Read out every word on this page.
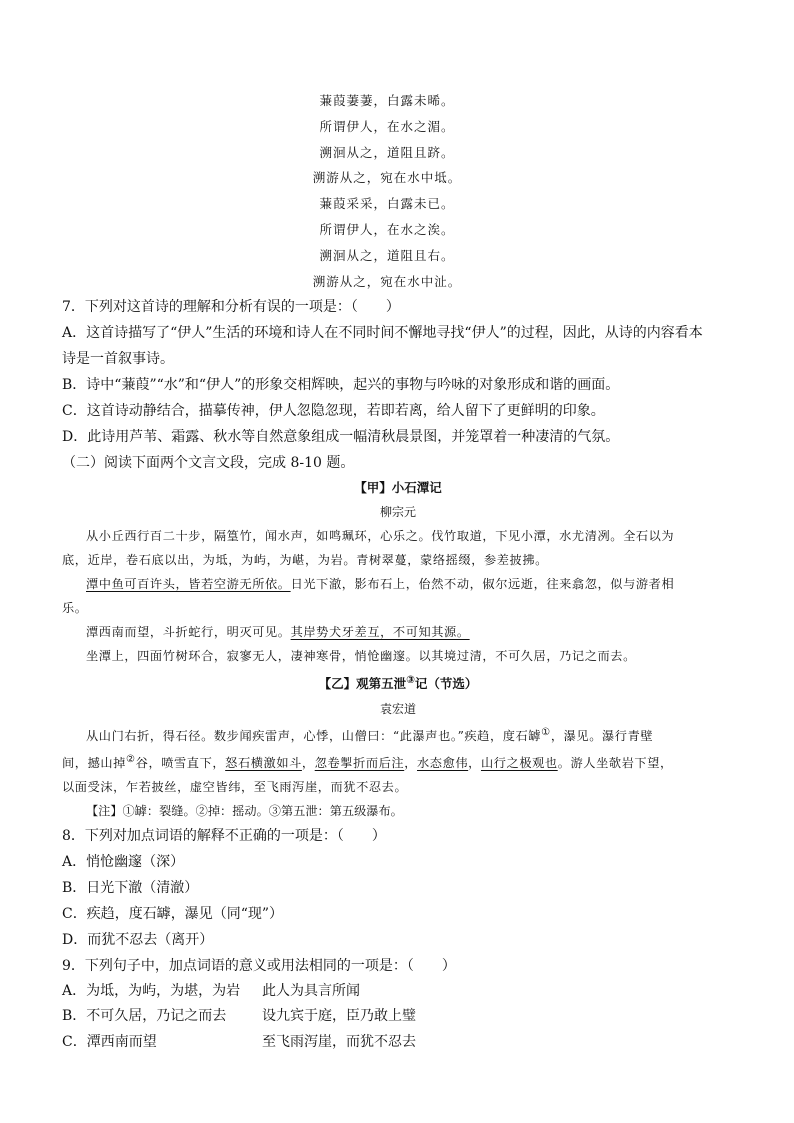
蒹葭萋萋，白露未晞。
所谓伊人，在水之湄。
溯洄从之，道阻且跻。
溯游从之，宛在水中坻。
蒹葭采采，白露未已。
所谓伊人，在水之涘。
溯洄从之，道阻且右。
溯游从之，宛在水中沚。
7．下列对这首诗的理解和分析有误的一项是：（　　）
A．这首诗描写了“伊人”生活的环境和诗人在不同时间不懈地寻找“伊人”的过程，因此，从诗的内容看本
诗是一首叙事诗。
B．诗中“蒹葭”“水”和“伊人”的形象交相辉映，起兴的事物与吟咏的对象形成和谐的画面。
C．这首诗动静结合，描摹传神，伊人忽隐忽现，若即若离，给人留下了更鲜明的印象。
D．此诗用芦苇、霜露、秋水等自然意象组成一幅清秋晨景图，并笼罩着一种凄清的气氛。
（二）阅读下面两个文言文段，完成 8-10 题。
【甲】小石潭记
柳宗元
从小丘西行百二十步，隔篁竹，闻水声，如鸣珮环，心乐之。伐竹取道，下见小潭，水尤清冽。全石以为
底，近岸，卷石底以出，为坻，为屿，为嵁，为岩。青树翠蔓，蒙络摇缀，参差披拂。
潭中鱼可百许头，皆若空游无所依。日光下澈，影布石上，佁然不动，俶尔远逝，往来翕忽，似与游者相
乐。
潭西南而望，斗折蛇行，明灭可见。其岸势犬牙差互，不可知其源。
坐潭上，四面竹树环合，寂寥无人，凄神寒骨，悄怆幽邃。以其境过清，不可久居，乃记之而去。
【乙】观第五泄③记（节选）
袁宏道
从山门右折，得石径。数步闻疾雷声，心悸，山僧曰：“此瀑声也。”疾趋，度石罅①，瀑见。瀑行青壁
间，撼山掉②谷，喷雪直下，怒石横激如斗，忽卷掣折而后注，水态愈伟，山行之极观也。游人坐欹岩下望，
以面受沫，乍若披丝，虚空皆纬，至飞雨泻崖，而犹不忍去。
【注】①罅：裂缝。②掉：摇动。③第五泄：第五级瀑布。
8．下列对加点词语的解释不正确的一项是：（　　）
A．悄怆幽邃（深）
B．日光下澈（清澈）
C．疾趋，度石罅，瀑见（同“现”）
D．而犹不忍去（离开）
9．下列句子中，加点词语的意义或用法相同的一项是：（　　）
A．为坻，为屿，为堪，为岩	此人为具言所闻
B．不可久居，乃记之而去	设九宾于庭，臣乃敢上璧
C．潭西南而望	至飞雨泻崖，而犹不忍去
